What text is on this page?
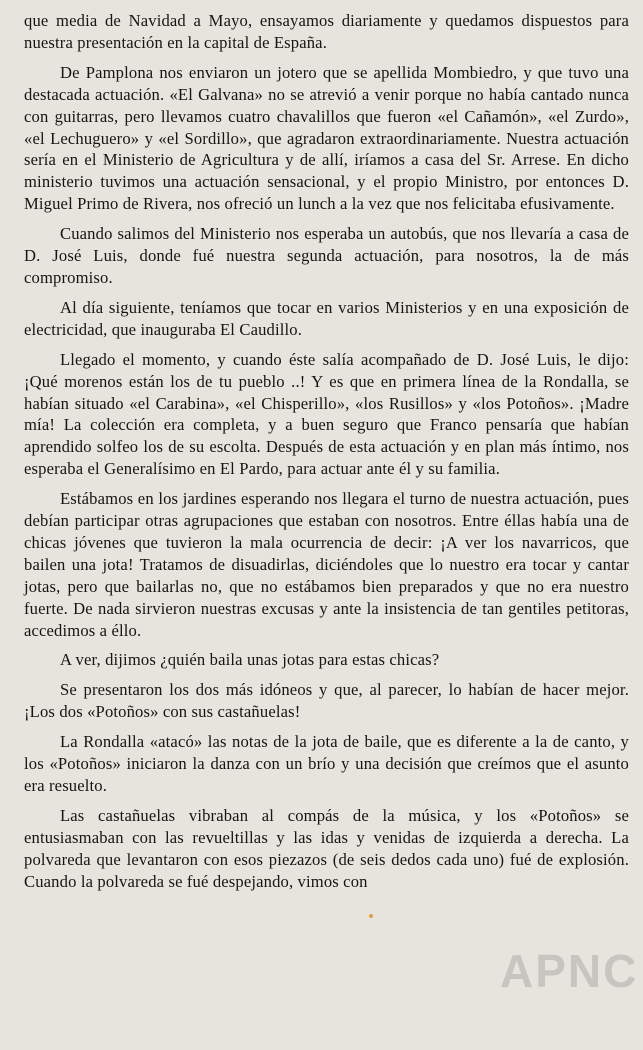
que media de Navidad a Mayo, ensayamos diariamente y quedamos dispuestos para nuestra presentación en la capital de España.

De Pamplona nos enviaron un jotero que se apellida Mombiedro, y que tuvo una destacada actuación. «El Galvana» no se atrevió a venir porque no había cantado nunca con guitarras, pero llevamos cuatro chavalillos que fueron «el Cañamón», «el Zurdo», «el Lechuguero» y «el Sordillo», que agradaron extraordinariamente. Nuestra actuación sería en el Ministerio de Agricultura y de allí, iríamos a casa del Sr. Arrese. En dicho ministerio tuvimos una actuación sensacional, y el propio Ministro, por entonces D. Miguel Primo de Rivera, nos ofreció un lunch a la vez que nos felicitaba efusivamente.

Cuando salimos del Ministerio nos esperaba un autobús, que nos llevaría a casa de D. José Luis, donde fué nuestra segunda actuación, para nosotros, la de más compromiso.

Al día siguiente, teníamos que tocar en varios Ministerios y en una exposición de electricidad, que inauguraba El Caudillo.

Llegado el momento, y cuando éste salía acompañado de D. José Luis, le dijo: ¡Qué morenos están los de tu pueblo ..! Y es que en primera línea de la Rondalla, se habían situado «el Carabina», «el Chisperillo», «los Rusillos» y «los Potoños». ¡Madre mía! La colección era completa, y a buen seguro que Franco pensaría que habían aprendido solfeo los de su escolta. Después de esta actuación y en plan más íntimo, nos esperaba el Generalísimo en El Pardo, para actuar ante él y su familia.

Estábamos en los jardines esperando nos llegara el turno de nuestra actuación, pues debían participar otras agrupaciones que estaban con nosotros. Entre éllas había una de chicas jóvenes que tuvieron la mala ocurrencia de decir: ¡A ver los navarricos, que bailen una jota! Tratamos de disuadirlas, diciéndoles que lo nuestro era tocar y cantar jotas, pero que bailarlas no, que no estábamos bien preparados y que no era nuestro fuerte. De nada sirvieron nuestras excusas y ante la insistencia de tan gentiles petitoras, accedimos a éllo.

A ver, dijimos ¿quién baila unas jotas para estas chicas?

Se presentaron los dos más idóneos y que, al parecer, lo habían de hacer mejor. ¡Los dos «Potoños» con sus castañuelas!

La Rondalla «atacó» las notas de la jota de baile, que es diferente a la de canto, y los «Potoños» iniciaron la danza con un brío y una decisión que creímos que el asunto era resuelto.

Las castañuelas vibraban al compás de la música, y los «Potoños» se entusiasmaban con las revueltillas y las idas y venidas de izquierda a derecha. La polvareda que levantaron con esos piezazos (de seis dedos cada uno) fué de explosión. Cuando la polvareda se fué despejando, vimos con

APNC
